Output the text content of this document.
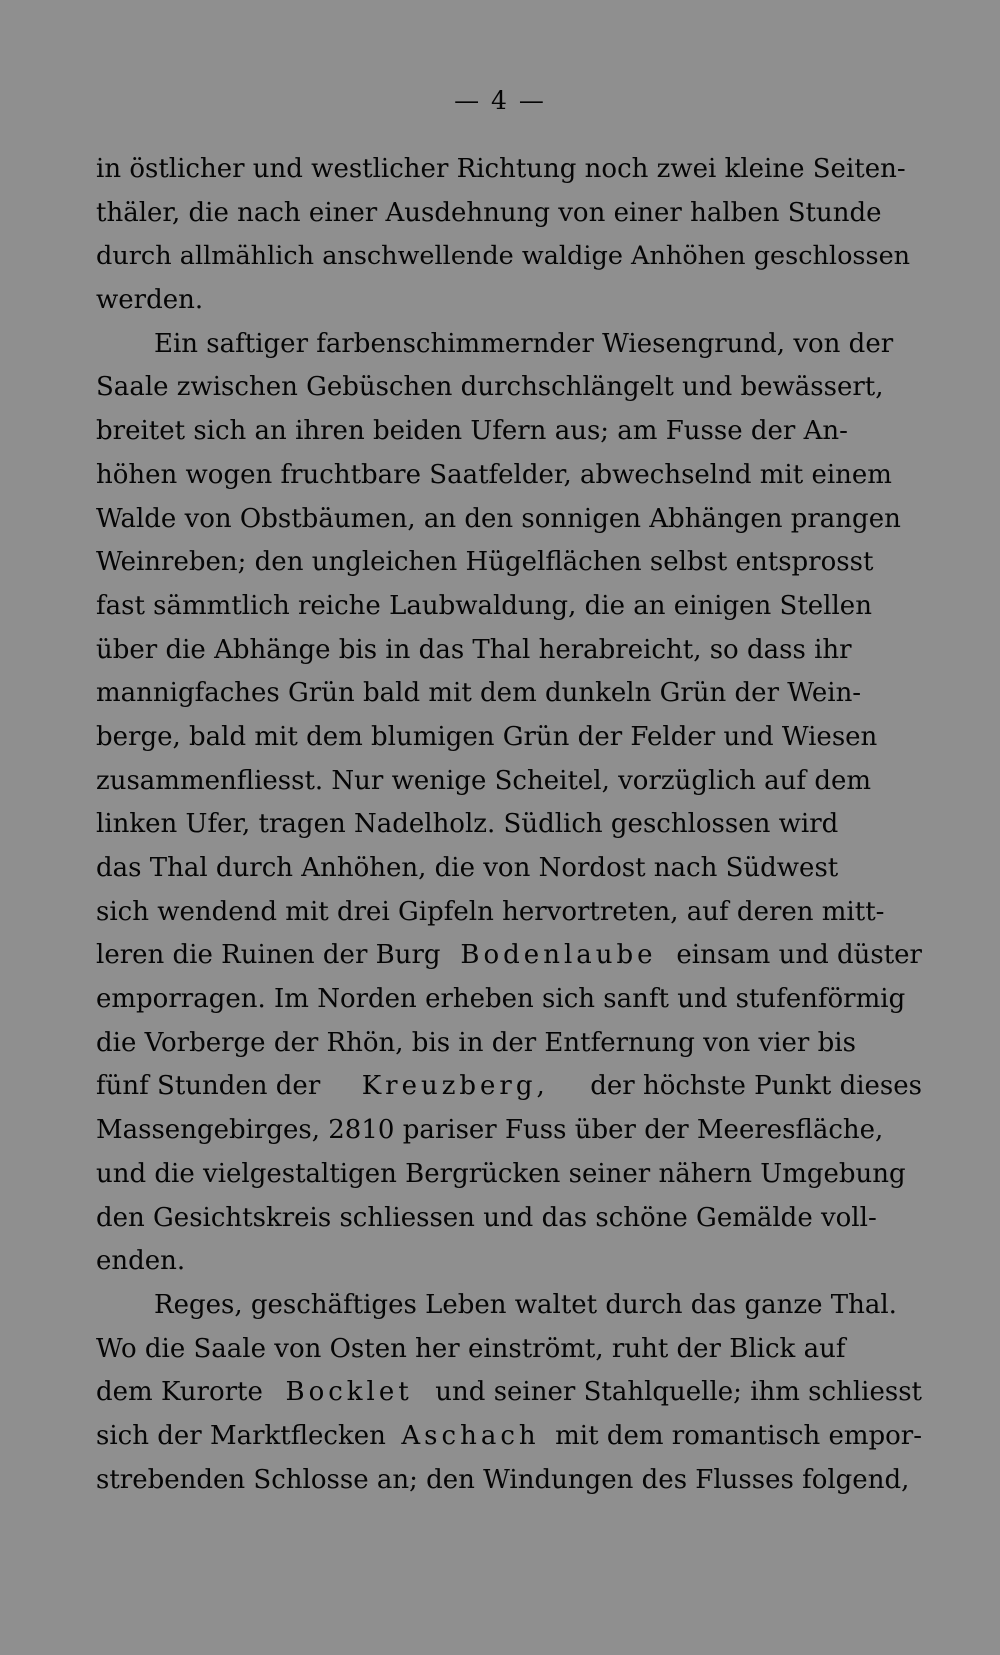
— 4 —
in östlicher und westlicher Richtung noch zwei kleine Seiten-
thäler, die nach einer Ausdehnung von einer halben Stunde
durch allmählich anschwellende waldige Anhöhen geschlossen
werden.
Ein saftiger farbenschimmernder Wiesengrund, von der
Saale zwischen Gebüschen durchschlängelt und bewässert,
breitet sich an ihren beiden Ufern aus; am Fusse der An-
höhen wogen fruchtbare Saatfelder, abwechselnd mit einem
Walde von Obstbäumen, an den sonnigen Abhängen prangen
Weinreben; den ungleichen Hügelflächen selbst entsprosst
fast sämmtlich reiche Laubwaldung, die an einigen Stellen
über die Abhänge bis in das Thal herabreicht, so dass ihr
mannigfaches Grün bald mit dem dunkeln Grün der Wein-
berge, bald mit dem blumigen Grün der Felder und Wiesen
zusammenfliesst. Nur wenige Scheitel, vorzüglich auf dem
linken Ufer, tragen Nadelholz. Südlich geschlossen wird
das Thal durch Anhöhen, die von Nordost nach Südwest
sich wendend mit drei Gipfeln hervortreten, auf deren mitt-
leren die Ruinen der Burg Bodenlaube einsam und düster
emporragen. Im Norden erheben sich sanft und stufenförmig
die Vorberge der Rhön, bis in der Entfernung von vier bis
fünf Stunden der Kreuzberg, der höchste Punkt dieses
Massengebirges, 2810 pariser Fuss über der Meeresfläche,
und die vielgestaltigen Bergrücken seiner nähern Umgebung
den Gesichtskreis schliessen und das schöne Gemälde voll-
enden.
Reges, geschäftiges Leben waltet durch das ganze Thal.
Wo die Saale von Osten her einströmt, ruht der Blick auf
dem Kurorte Bocklet und seiner Stahlquelle; ihm schliesst
sich der Marktflecken Aschach mit dem romantisch empor-
strebenden Schlosse an; den Windungen des Flusses folgend,
